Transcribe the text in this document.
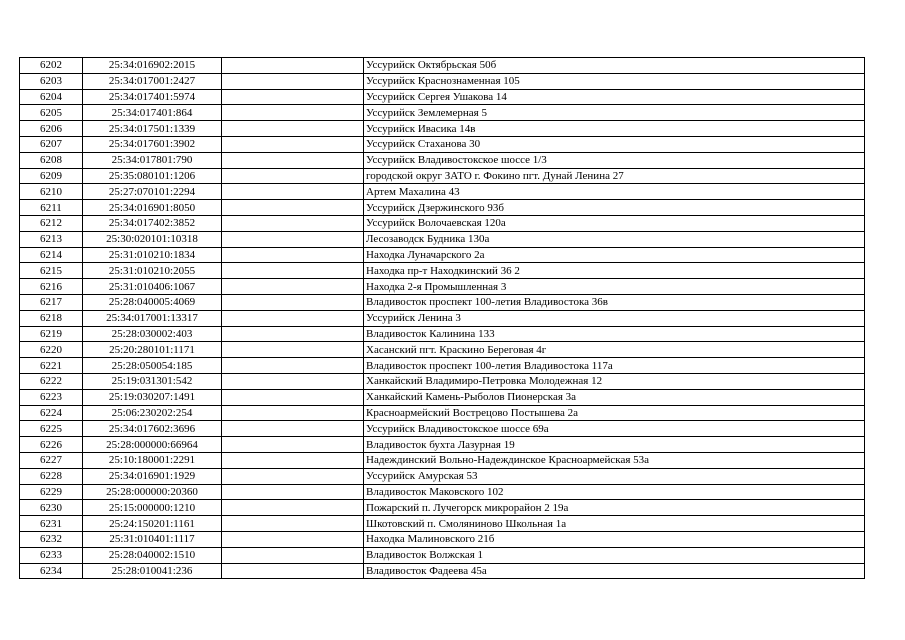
6202	25:34:016902:2015		Уссурийск Октябрьская 50б
6203	25:34:017001:2427		Уссурийск Краснознаменная 105
6204	25:34:017401:5974		Уссурийск Сергея Ушакова 14
6205	25:34:017401:864		Уссурийск Землемерная 5
6206	25:34:017501:1339		Уссурийск Ивасика 14в
6207	25:34:017601:3902		Уссурийск Стаханова 30
6208	25:34:017801:790		Уссурийск Владивостокское шоссе 1/3
6209	25:35:080101:1206		городской округ ЗАТО г. Фокино пгт. Дунай Ленина 27
6210	25:27:070101:2294		Артем Махалина 43
6211	25:34:016901:8050		Уссурийск Дзержинского 93б
6212	25:34:017402:3852		Уссурийск Волочаевская 120а
6213	25:30:020101:10318		Лесозаводск Будника 130а
6214	25:31:010210:1834		Находка Луначарского 2а
6215	25:31:010210:2055		Находка пр-т Находкинский 36 2
6216	25:31:010406:1067		Находка 2-я Промышленная 3
6217	25:28:040005:4069		Владивосток проспект 100-летия Владивостока 36в
6218	25:34:017001:13317		Уссурийск Ленина 3
6219	25:28:030002:403		Владивосток Калинина 133
6220	25:20:280101:1171		Хасанский пгт. Краскино Береговая 4г
6221	25:28:050054:185		Владивосток проспект 100-летия Владивостока 117а
6222	25:19:031301:542		Ханкайский Владимиро-Петровка Молодежная 12
6223	25:19:030207:1491		Ханкайский Камень-Рыболов Пионерская 3а
6224	25:06:230202:254		Красноармейский Вострецово Постышева 2а
6225	25:34:017602:3696		Уссурийск Владивостокское шоссе 69а
6226	25:28:000000:66964		Владивосток бухта Лазурная 19
6227	25:10:180001:2291		Надеждинский Вольно-Надеждинское Красноармейская 53а
6228	25:34:016901:1929		Уссурийск Амурская 53
6229	25:28:000000:20360		Владивосток Маковского 102
6230	25:15:000000:1210		Пожарский п. Лучегорск микрорайон 2 19а
6231	25:24:150201:1161		Шкотовский п. Смоляниново Школьная 1а
6232	25:31:010401:1117		Находка Малиновского 21б
6233	25:28:040002:1510		Владивосток Волжская 1
6234	25:28:010041:236		Владивосток Фадеева 45а
